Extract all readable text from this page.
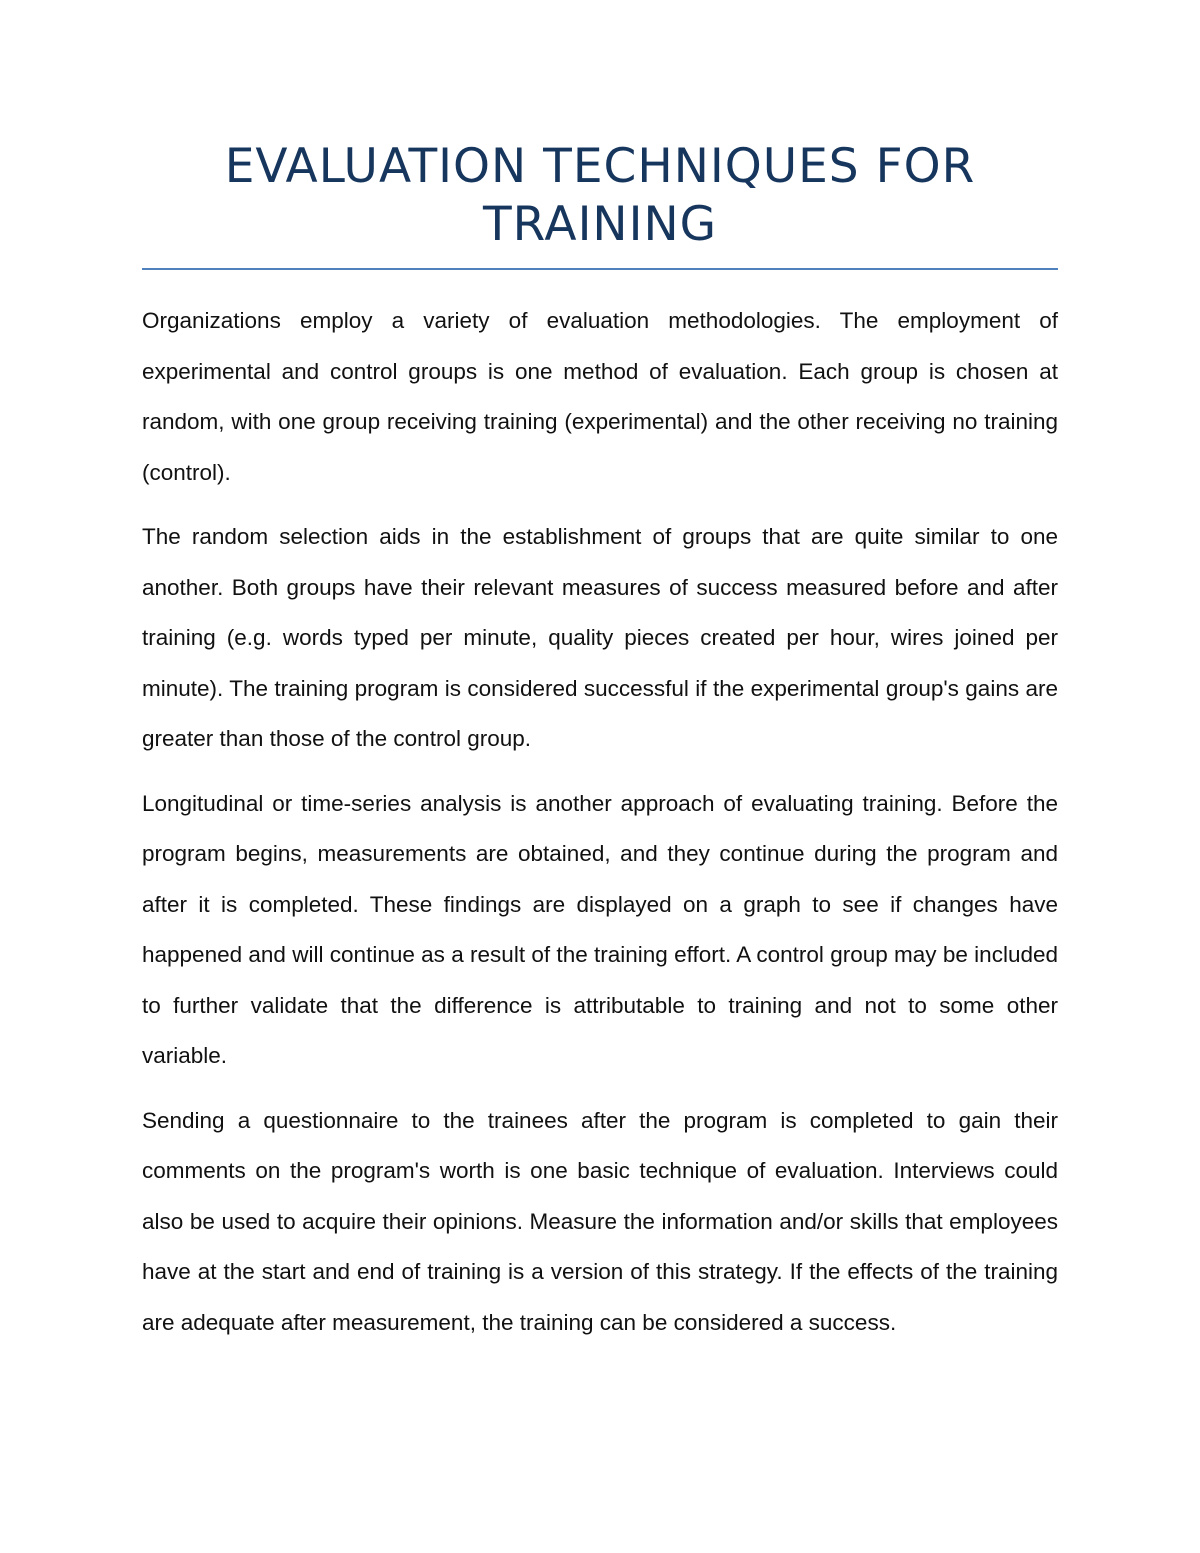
EVALUATION TECHNIQUES FOR
TRAINING

Organizations employ a variety of evaluation methodologies. The employment of experimental and control groups is one method of evaluation. Each group is chosen at random, with one group receiving training (experimental) and the other receiving no training (control).

The random selection aids in the establishment of groups that are quite similar to one another. Both groups have their relevant measures of success measured before and after training (e.g. words typed per minute, quality pieces created per hour, wires joined per minute). The training program is considered successful if the experimental group's gains are greater than those of the control group.

Longitudinal or time-series analysis is another approach of evaluating training. Before the program begins, measurements are obtained, and they continue during the program and after it is completed. These findings are displayed on a graph to see if changes have happened and will continue as a result of the training effort. A control group may be included to further validate that the difference is attributable to training and not to some other variable.

Sending a questionnaire to the trainees after the program is completed to gain their comments on the program's worth is one basic technique of evaluation. Interviews could also be used to acquire their opinions. Measure the information and/or skills that employees have at the start and end of training is a version of this strategy. If the effects of the training are adequate after measurement, the training can be considered a success.
